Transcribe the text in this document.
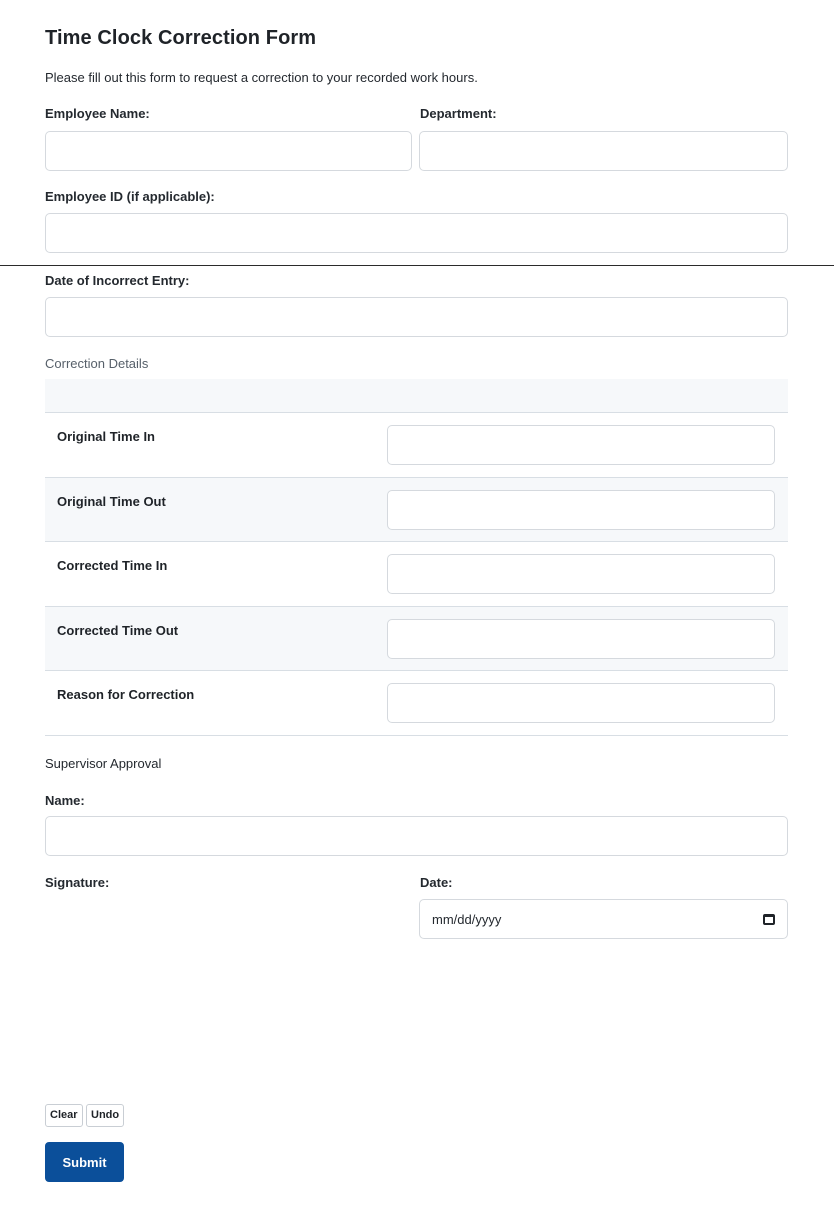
Time Clock Correction Form
Please fill out this form to request a correction to your recorded work hours.
Employee Name:	Department:
Employee ID (if applicable):
Date of Incorrect Entry:
Correction Details
Original Time In
Original Time Out
Corrected Time In
Corrected Time Out
Reason for Correction
Supervisor Approval
Name:
Signature:	Date:
mm/dd/yyyy
Clear	Undo
Submit
